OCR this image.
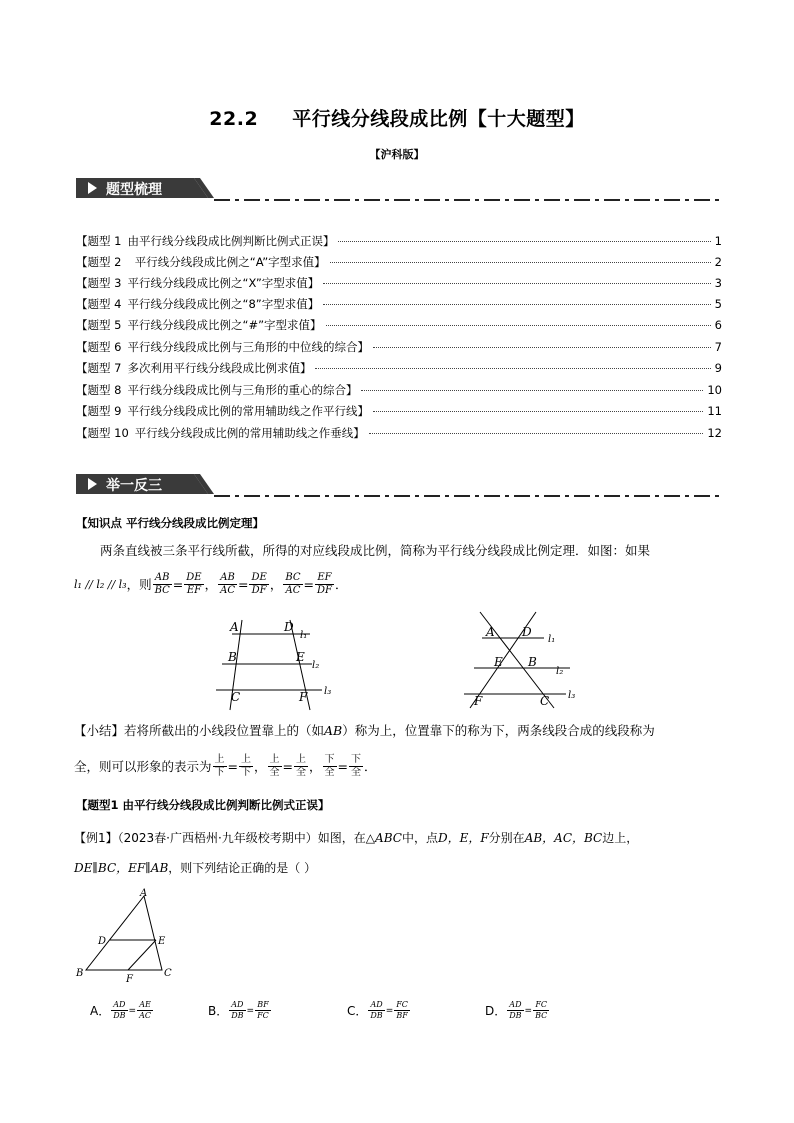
22.2 平行线分线段成比例【十大题型】
【沪科版】
题型梳理
【题型 1 由平行线分线段成比例判断比例式正误】	1
【题型 2 平行线分线段成比例之“A”字型求值】	2
【题型 3 平行线分线段成比例之“X”字型求值】	3
【题型 4 平行线分线段成比例之“8”字型求值】	5
【题型 5 平行线分线段成比例之“#”字型求值】	6
【题型 6 平行线分线段成比例与三角形的中位线的综合】	7
【题型 7 多次利用平行线分线段成比例求值】	9
【题型 8 平行线分线段成比例与三角形的重心的综合】	10
【题型 9 平行线分线段成比例的常用辅助线之作平行线】	11
【题型 10 平行线分线段成比例的常用辅助线之作垂线】	12
举一反三
【知识点 平行线分线段成比例定理】
两条直线被三条平行线所截，所得的对应线段成比例，简称为平行线分线段成比例定理．如图：如果
l₁ // l₂ // l₃ ，则 $\frac{AB}{BC} = \frac{DE}{EF}$ ， $\frac{AB}{AC} = \frac{DE}{DF}$ ， $\frac{BC}{AC} = \frac{EF}{DF}$ ．
A	D
B	E
C	F
l₁
l₂
l₃
A D
E B
F	C
l₁
l₂
l₃
【小结】若将所截出的小线段位置靠上的（如AB）称为上，位置靠下的称为下，两条线段合成的线段称为
全，则可以形象的表示为 $\frac{\text{上}}{\text{下}} = \frac{\text{上}}{\text{下}}$ ， $\frac{\text{上}}{\text{全}} = \frac{\text{上}}{\text{全}}$ ， $\frac{\text{下}}{\text{全}} = \frac{\text{下}}{\text{全}}$ ．
【题型1 由平行线分线段成比例判断比例式正误】
【例1】（2023春·广西梧州·九年级校考期中）如图，在△ABC中，点D，E，F分别在AB，AC，BC边上，
DE∥BC，EF∥AB，则下列结论正确的是（ ）
A
D	E
B	C
F
A． $\frac{AD}{DB} = \frac{AE}{AC}$	B． $\frac{AD}{DB} = \frac{BF}{FC}$	C． $\frac{AD}{DB} = \frac{FC}{BF}$	D． $\frac{AD}{DB} = \frac{FC}{BC}$
